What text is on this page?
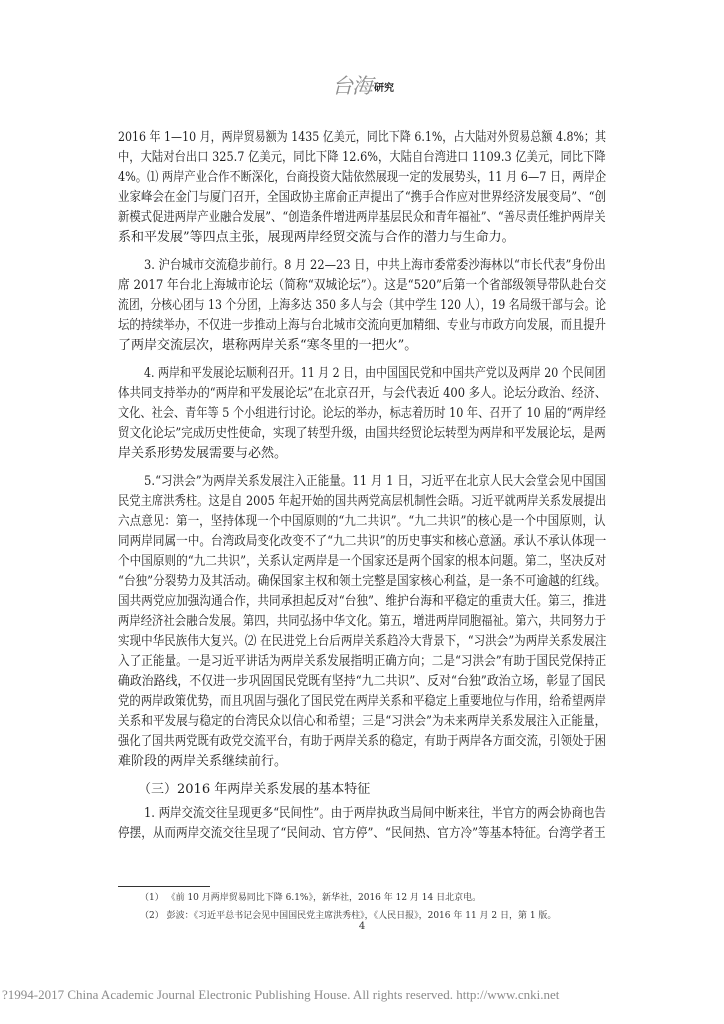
台海 研究
2016 年 1—10 月，两岸贸易额为 1435 亿美元，同比下降 6.1%，占大陆对外贸易总额 4.8%；其
中，大陆对台出口 325.7 亿美元，同比下降 12.6%，大陆自台湾进口 1109.3 亿美元，同比下降
4%。⑴ 两岸产业合作不断深化，台商投资大陆依然展现一定的发展势头，11 月 6—7 日，两岸企
业家峰会在金门与厦门召开，全国政协主席俞正声提出了“携手合作应对世界经济发展变局”、“创
新模式促进两岸产业融合发展”、“创造条件增进两岸基层民众和青年福祉”、“善尽责任维护两岸关
系和平发展”等四点主张，展现两岸经贸交流与合作的潜力与生命力。
3. 沪台城市交流稳步前行。8 月 22—23 日，中共上海市委常委沙海林以“市长代表”身份出
席 2017 年台北上海城市论坛（简称“双城论坛”）。这是“520”后第一个省部级领导带队赴台交
流团，分核心团与 13 个分团，上海多达 350 多人与会（其中学生 120 人），19 名局级干部与会。论
坛的持续举办，不仅进一步推动上海与台北城市交流向更加精细、专业与市政方向发展，而且提升
了两岸交流层次，堪称两岸关系“寒冬里的一把火”。
4. 两岸和平发展论坛顺利召开。11 月 2 日，由中国国民党和中国共产党以及两岸 20 个民间团
体共同支持举办的“两岸和平发展论坛”在北京召开，与会代表近 400 多人。论坛分政治、经济、
文化、社会、青年等 5 个小组进行讨论。论坛的举办，标志着历时 10 年、召开了 10 届的“两岸经
贸文化论坛”完成历史性使命，实现了转型升级，由国共经贸论坛转型为两岸和平发展论坛，是两
岸关系形势发展需要与必然。
5.“习洪会”为两岸关系发展注入正能量。11 月 1 日，习近平在北京人民大会堂会见中国国
民党主席洪秀柱。这是自 2005 年起开始的国共两党高层机制性会晤。习近平就两岸关系发展提出
六点意见：第一，坚持体现一个中国原则的“九二共识”。“九二共识”的核心是一个中国原则，认
同两岸同属一中。台湾政局变化改变不了“九二共识”的历史事实和核心意涵。承认不承认体现一
个中国原则的“九二共识”，关系认定两岸是一个国家还是两个国家的根本问题。第二，坚决反对
“台独”分裂势力及其活动。确保国家主权和领土完整是国家核心利益，是一条不可逾越的红线。
国共两党应加强沟通合作，共同承担起反对“台独”、维护台海和平稳定的重责大任。第三，推进
两岸经济社会融合发展。第四，共同弘扬中华文化。第五，增进两岸同胞福祉。第六，共同努力于
实现中华民族伟大复兴。⑵ 在民进党上台后两岸关系趋冷大背景下，“习洪会”为两岸关系发展注
入了正能量。一是习近平讲话为两岸关系发展指明正确方向；二是“习洪会”有助于国民党保持正
确政治路线，不仅进一步巩固国民党既有坚持“九二共识”、反对“台独”政治立场，彰显了国民
党的两岸政策优势，而且巩固与强化了国民党在两岸关系和平稳定上重要地位与作用，给希望两岸
关系和平发展与稳定的台湾民众以信心和希望；三是“习洪会”为未来两岸关系发展注入正能量，
强化了国共两党既有政党交流平台，有助于两岸关系的稳定，有助于两岸各方面交流，引领处于困
难阶段的两岸关系继续前行。
（三）2016 年两岸关系发展的基本特征
1. 两岸交流交往呈现更多“民间性”。由于两岸执政当局间中断来往，半官方的两会协商也告
停摆，从而两岸交流交往呈现了“民间动、官方停”、“民间热、官方冷”等基本特征。台湾学者王
（1） 《前 10 月两岸贸易同比下降 6.1%》，新华社，2016 年 12 月 14 日北京电。
（2） 彭波：《习近平总书记会见中国国民党主席洪秀柱》，《人民日报》，2016 年 11 月 2 日，第 1 版。
4
?1994-2017 China Academic Journal Electronic Publishing House. All rights reserved. http://www.cnki.net
